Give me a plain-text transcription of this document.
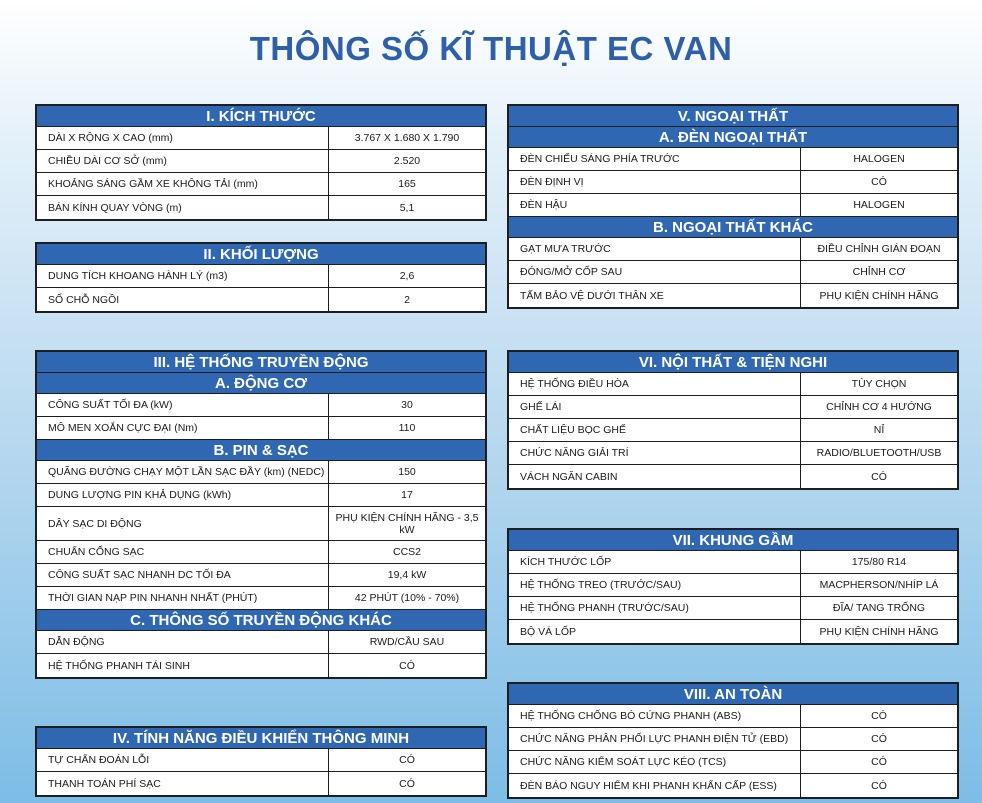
THÔNG SỐ KĨ THUẬT EC VAN
I. KÍCH THƯỚC
DÀI X RỘNG X CAO (mm)	3.767 X 1.680 X 1.790
CHIỀU DÀI CƠ SỞ (mm)	2.520
KHOẢNG SÁNG GẦM XE KHÔNG TẢI (mm)	165
BÁN KÍNH QUAY VÒNG (m)	5,1
II. KHỐI LƯỢNG
DUNG TÍCH KHOANG HÀNH LÝ (m3)	2,6
SỐ CHỖ NGỒI	2
III. HỆ THỐNG TRUYỀN ĐỘNG
A. ĐỘNG CƠ
CÔNG SUẤT TỐI ĐA (kW)	30
MÔ MEN XOẮN CỰC ĐẠI (Nm)	110
B. PIN & SẠC
QUÃNG ĐƯỜNG CHẠY MỘT LẦN SẠC ĐẦY (km) (NEDC)	150
DUNG LƯỢNG PIN KHẢ DỤNG (kWh)	17
DÂY SẠC DI ĐỘNG	PHỤ KIỆN CHÍNH HÃNG - 3,5 kW
CHUẨN CỔNG SẠC	CCS2
CÔNG SUẤT SẠC NHANH DC TỐI ĐA	19,4 kW
THỜI GIAN NẠP PIN NHANH NHẤT (PHÚT)	42 PHÚT (10% - 70%)
C. THÔNG SỐ TRUYỀN ĐỘNG KHÁC
DẪN ĐỘNG	RWD/CẦU SAU
HỆ THỐNG PHANH TÁI SINH	CÓ
IV. TÍNH NĂNG ĐIỀU KHIỂN THÔNG MINH
TỰ CHẨN ĐOÁN LỖI	CÓ
THANH TOÁN PHÍ SẠC	CÓ
V. NGOẠI THẤT
A. ĐÈN NGOẠI THẤT
ĐÈN CHIẾU SÁNG PHÍA TRƯỚC	HALOGEN
ĐÈN ĐỊNH VỊ	CÓ
ĐÈN HẬU	HALOGEN
B. NGOẠI THẤT KHÁC
GẠT MƯA TRƯỚC	ĐIỀU CHỈNH GIÁN ĐOẠN
ĐÓNG/MỞ CỐP SAU	CHỈNH CƠ
TẤM BẢO VỆ DƯỚI THÂN XE	PHỤ KIỆN CHÍNH HÃNG
VI. NỘI THẤT & TIỆN NGHI
HỆ THỐNG ĐIỀU HÒA	TÙY CHỌN
GHẾ LÁI	CHỈNH CƠ 4 HƯỚNG
CHẤT LIỆU BỌC GHẾ	NỈ
CHỨC NĂNG GIẢI TRÍ	RADIO/BLUETOOTH/USB
VÁCH NGĂN CABIN	CÓ
VII. KHUNG GẦM
KÍCH THƯỚC LỐP	175/80 R14
HỆ THỐNG TREO (TRƯỚC/SAU)	MACPHERSON/NHÍP LÁ
HỆ THỐNG PHANH (TRƯỚC/SAU)	ĐĨA/ TANG TRỐNG
BỘ VÁ LỐP	PHỤ KIỆN CHÍNH HÃNG
VIII. AN TOÀN
HỆ THỐNG CHỐNG BÓ CỨNG PHANH (ABS)	CÓ
CHỨC NĂNG PHÂN PHỐI LỰC PHANH ĐIỆN TỬ (EBD)	CÓ
CHỨC NĂNG KIỂM SOÁT LỰC KÉO (TCS)	CÓ
ĐÈN BÁO NGUY HIỂM KHI PHANH KHẨN CẤP (ESS)	CÓ
